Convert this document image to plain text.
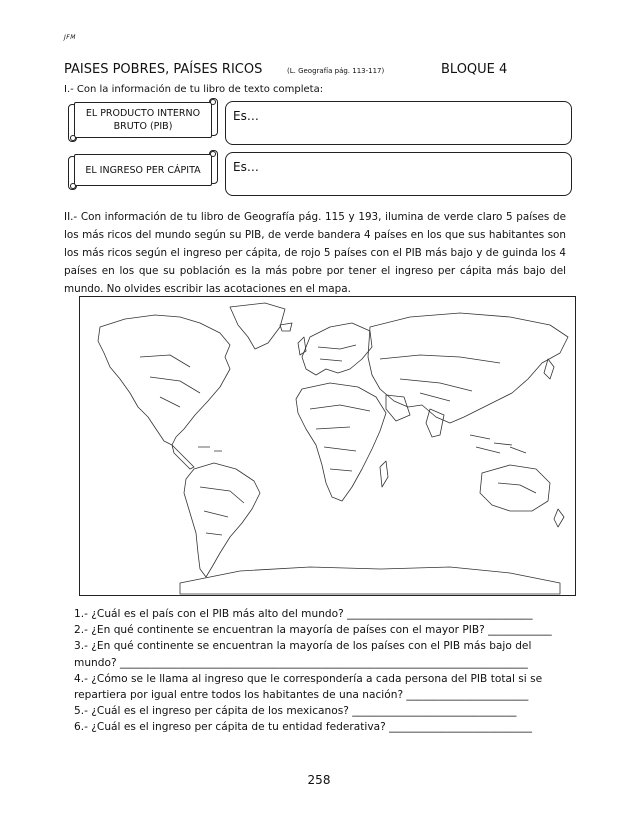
JFM
PAISES POBRES, PAÍSES RICOS	(L. Geografía pág. 113-117)	BLOQUE 4
I.- Con la información de tu libro de texto completa:
EL PRODUCTO INTERNO BRUTO (PIB)
Es…
EL INGRESO PER CÁPITA	Es…
II.- Con información de tu libro de Geografía pág. 115 y 193, ilumina de verde claro 5 países de los más ricos del mundo según su PIB, de verde bandera 4 países en los que sus habitantes son los más ricos según el ingreso per cápita, de rojo 5 países con el PIB más bajo y de guinda los 4 países en los que su población es la más pobre por tener el ingreso per cápita más bajo del mundo. No olvides escribir las acotaciones en el mapa.
1.- ¿Cuál es el país con el PIB más alto del mundo? ___________________________________
2.- ¿En qué continente se encuentran la mayoría de países con el mayor PIB? ____________
3.- ¿En qué continente se encuentran la mayoría de los países con el PIB más bajo del
mundo? _____________________________________________________________________________
4.- ¿Cómo se le llama al ingreso que le correspondería a cada persona del PIB total si se
repartiera por igual entre todos los habitantes de una nación? _______________________
5.- ¿Cuál es el ingreso per cápita de los mexicanos? _______________________________
6.- ¿Cuál es el ingreso per cápita de tu entidad federativa? ___________________________
258
